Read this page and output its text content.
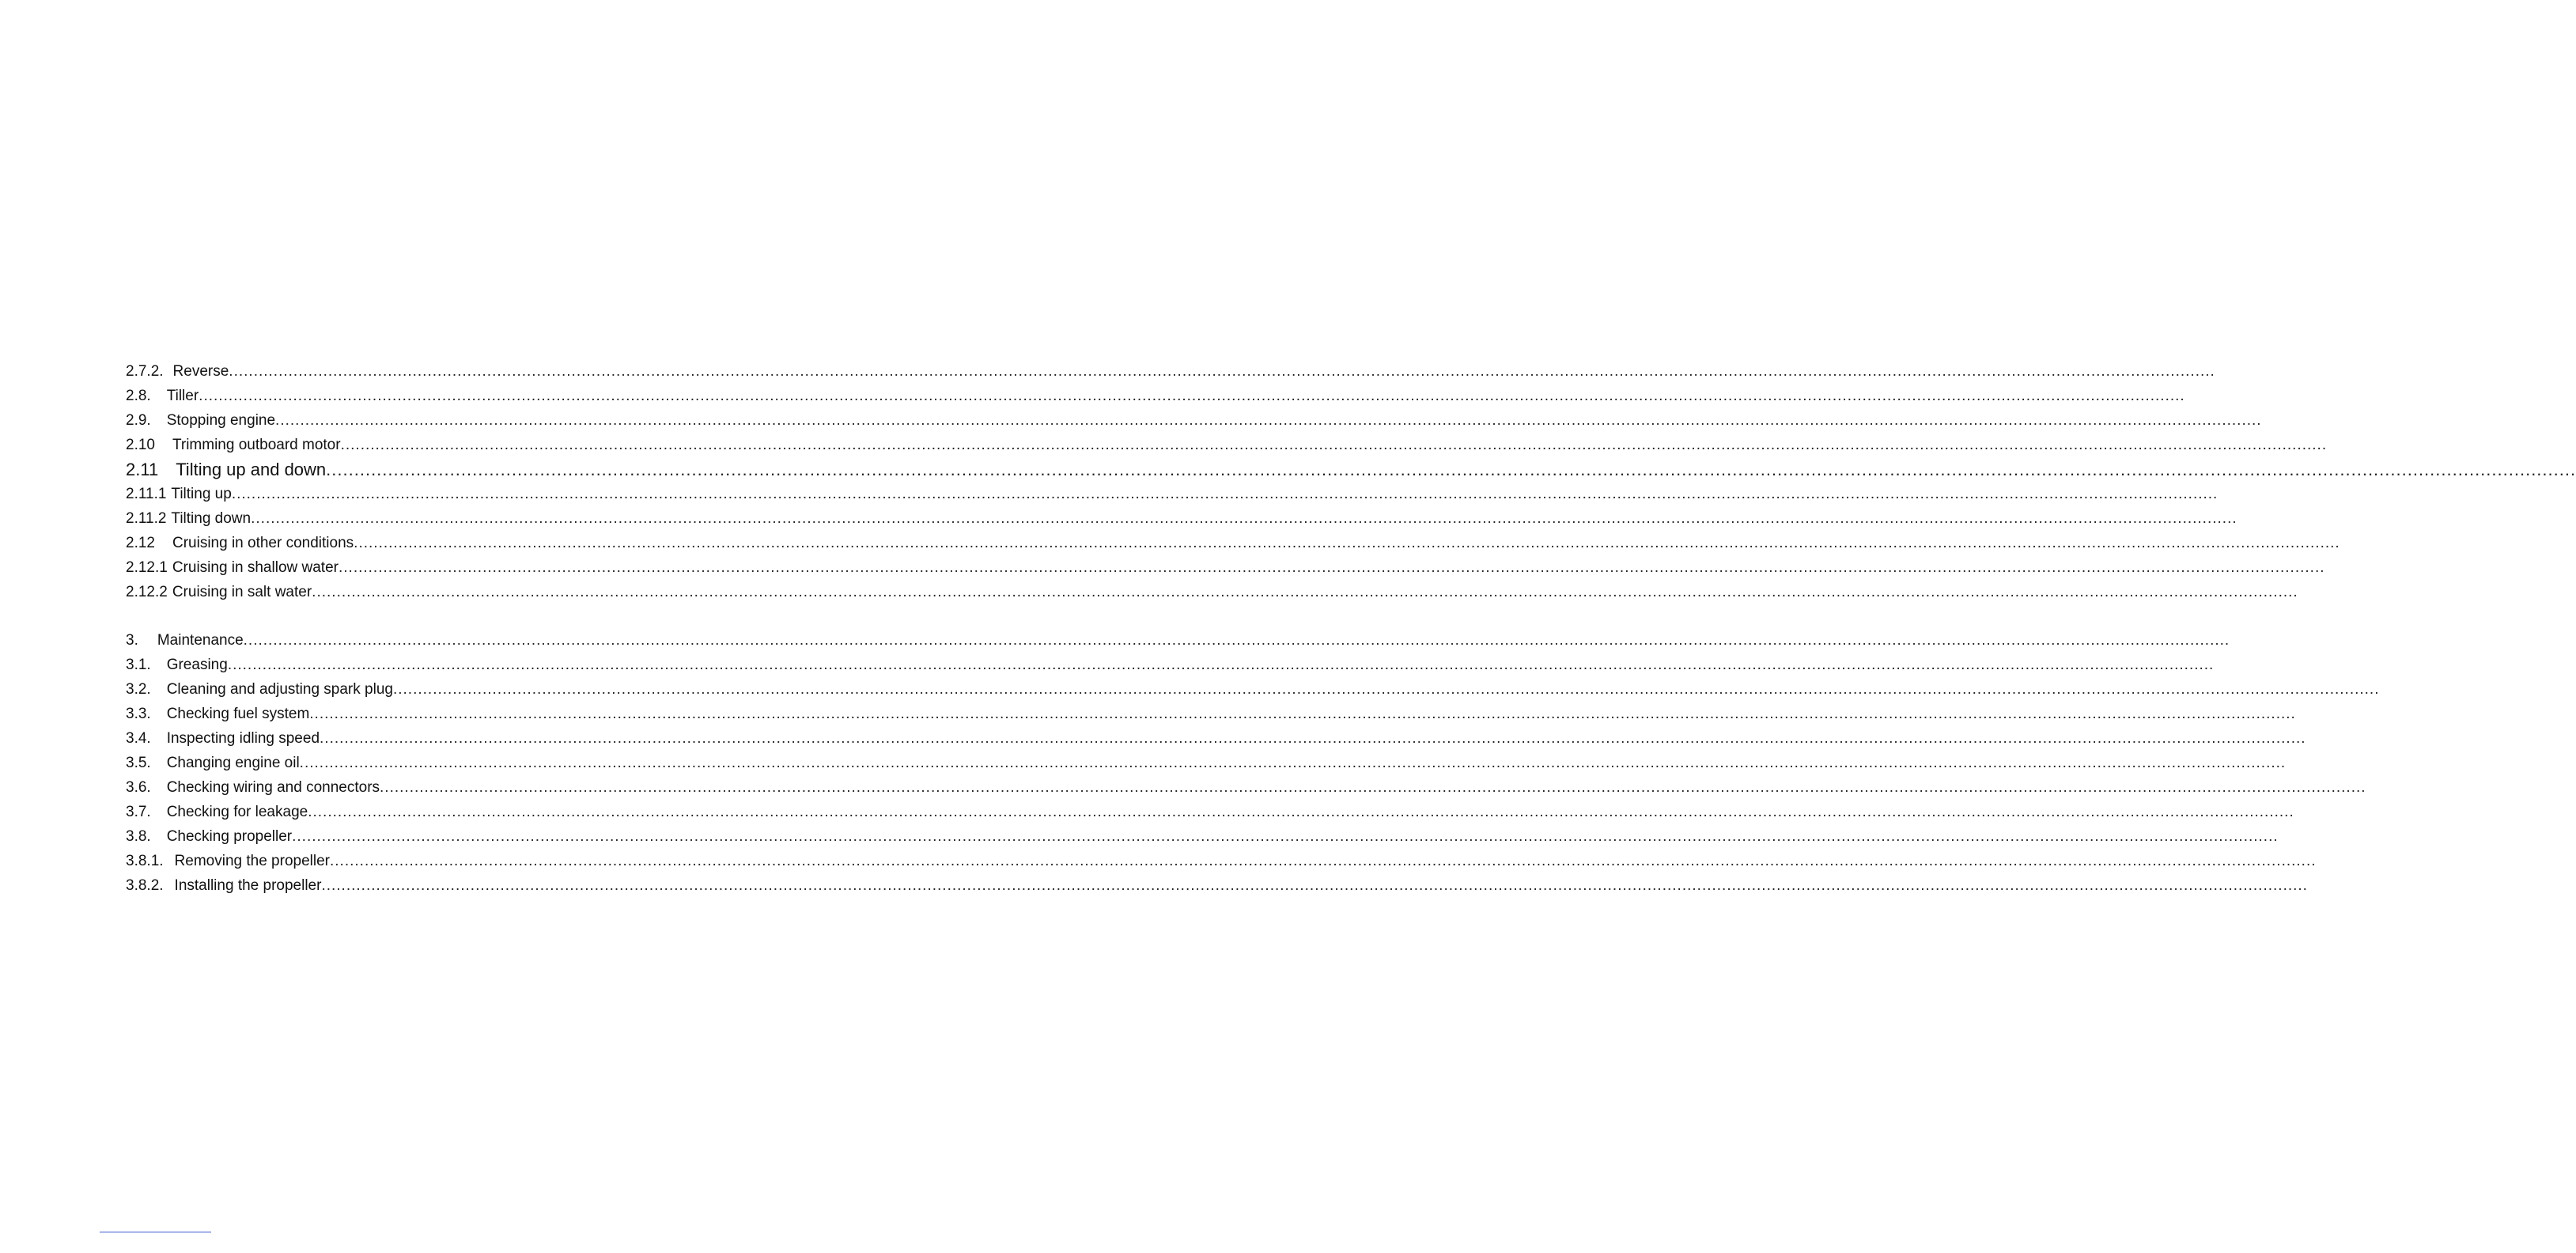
2.7.2. Reverse ................................................................................................................................................................................................................................................................................................................................................................................................................
2.8. Tiller ................................................................................................................................................................................................................................................................................................................................................................................................................
2.9. Stopping engine ................................................................................................................................................................................................................................................................................................................................................................................................................
2.10 Trimming outboard motor ................................................................................................................................................................................................................................................................................................................................................................................................................
2.11 Tilting up and down ................................................................................................................................................................................................................................................................................................................................................................................................................
2.11.1 Tilting up ................................................................................................................................................................................................................................................................................................................................................................................................................
2.11.2 Tilting down ................................................................................................................................................................................................................................................................................................................................................................................................................
2.12 Cruising in other conditions ................................................................................................................................................................................................................................................................................................................................................................................................................
2.12.1 Cruising in shallow water ................................................................................................................................................................................................................................................................................................................................................................................................................
2.12.2 Cruising in salt water ................................................................................................................................................................................................................................................................................................................................................................................................................
3. Maintenance ................................................................................................................................................................................................................................................................................................................................................................................................................
3.1. Greasing ................................................................................................................................................................................................................................................................................................................................................................................................................
3.2. Cleaning and adjusting spark plug ................................................................................................................................................................................................................................................................................................................................................................................................................
3.3. Checking fuel system ................................................................................................................................................................................................................................................................................................................................................................................................................
3.4. Inspecting idling speed ................................................................................................................................................................................................................................................................................................................................................................................................................
3.5. Changing engine oil ................................................................................................................................................................................................................................................................................................................................................................................................................
3.6. Checking wiring and connectors ................................................................................................................................................................................................................................................................................................................................................................................................................
3.7. Checking for leakage ................................................................................................................................................................................................................................................................................................................................................................................................................
3.8. Checking propeller ................................................................................................................................................................................................................................................................................................................................................................................................................
3.8.1. Removing the propeller ................................................................................................................................................................................................................................................................................................................................................................................................................
3.8.2. Installing the propeller ................................................................................................................................................................................................................................................................................................................................................................................................................
